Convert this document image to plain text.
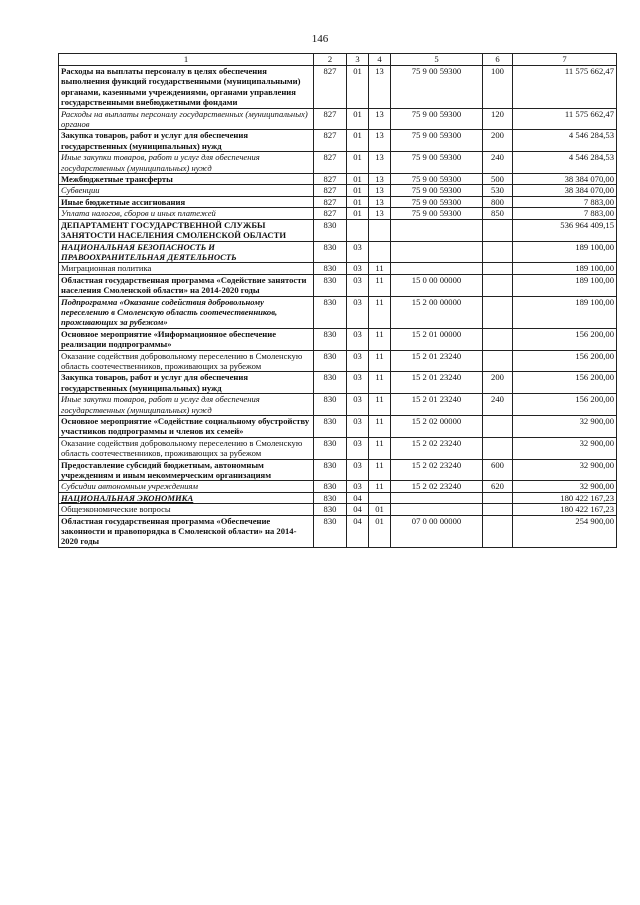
146
1	2	3	4	5	6	7
Расходы на выплаты персоналу в целях обеспечения выполнения функций государственными (муниципальными) органами, казенными учреждениями, органами управления государственными внебюджетными фондами	827	01	13	75 9 00 59300	100	11 575 662,47
Расходы на выплаты персоналу государственных (муниципальных) органов	827	01	13	75 9 00 59300	120	11 575 662,47
Закупка товаров, работ и услуг для обеспечения государственных (муниципальных) нужд	827	01	13	75 9 00 59300	200	4 546 284,53
Иные закупки товаров, работ и услуг для обеспечения государственных (муниципальных) нужд	827	01	13	75 9 00 59300	240	4 546 284,53
Межбюджетные трансферты	827	01	13	75 9 00 59300	500	38 384 070,00
Субвенции	827	01	13	75 9 00 59300	530	38 384 070,00
Иные бюджетные ассигнования	827	01	13	75 9 00 59300	800	7 883,00
Уплата налогов, сборов и иных платежей	827	01	13	75 9 00 59300	850	7 883,00
ДЕПАРТАМЕНТ ГОСУДАРСТВЕННОЙ СЛУЖБЫ ЗАНЯТОСТИ НАСЕЛЕНИЯ СМОЛЕНСКОЙ ОБЛАСТИ	830					536 964 409,15
НАЦИОНАЛЬНАЯ БЕЗОПАСНОСТЬ И ПРАВООХРАНИТЕЛЬНАЯ ДЕЯТЕЛЬНОСТЬ	830	03				189 100,00
Миграционная политика	830	03	11			189 100,00
Областная государственная программа «Содействие занятости населения Смоленской области» на 2014-2020 годы	830	03	11	15 0 00 00000		189 100,00
Подпрограмма «Оказание содействия добровольному переселению в Смоленскую область соотечественников, проживающих за рубежом»	830	03	11	15 2 00 00000		189 100,00
Основное мероприятие «Информационное обеспечение реализации подпрограммы»	830	03	11	15 2 01 00000		156 200,00
Оказание содействия добровольному переселению в Смоленскую область соотечественников, проживающих за рубежом	830	03	11	15 2 01 23240		156 200,00
Закупка товаров, работ и услуг для обеспечения государственных (муниципальных) нужд	830	03	11	15 2 01 23240	200	156 200,00
Иные закупки товаров, работ и услуг для обеспечения государственных (муниципальных) нужд	830	03	11	15 2 01 23240	240	156 200,00
Основное мероприятие «Содействие социальному обустройству участников подпрограммы и членов их семей»	830	03	11	15 2 02 00000		32 900,00
Оказание содействия добровольному переселению в Смоленскую область соотечественников, проживающих за рубежом	830	03	11	15 2 02 23240		32 900,00
Предоставление субсидий бюджетным, автономным учреждениям и иным некоммерческим организациям	830	03	11	15 2 02 23240	600	32 900,00
Субсидии автономным учреждениям	830	03	11	15 2 02 23240	620	32 900,00
НАЦИОНАЛЬНАЯ ЭКОНОМИКА	830	04				180 422 167,23
Общеэкономические вопросы	830	04	01			180 422 167,23
Областная государственная программа «Обеспечение законности и правопорядка в Смоленской области» на 2014-2020 годы	830	04	01	07 0 00 00000		254 900,00
